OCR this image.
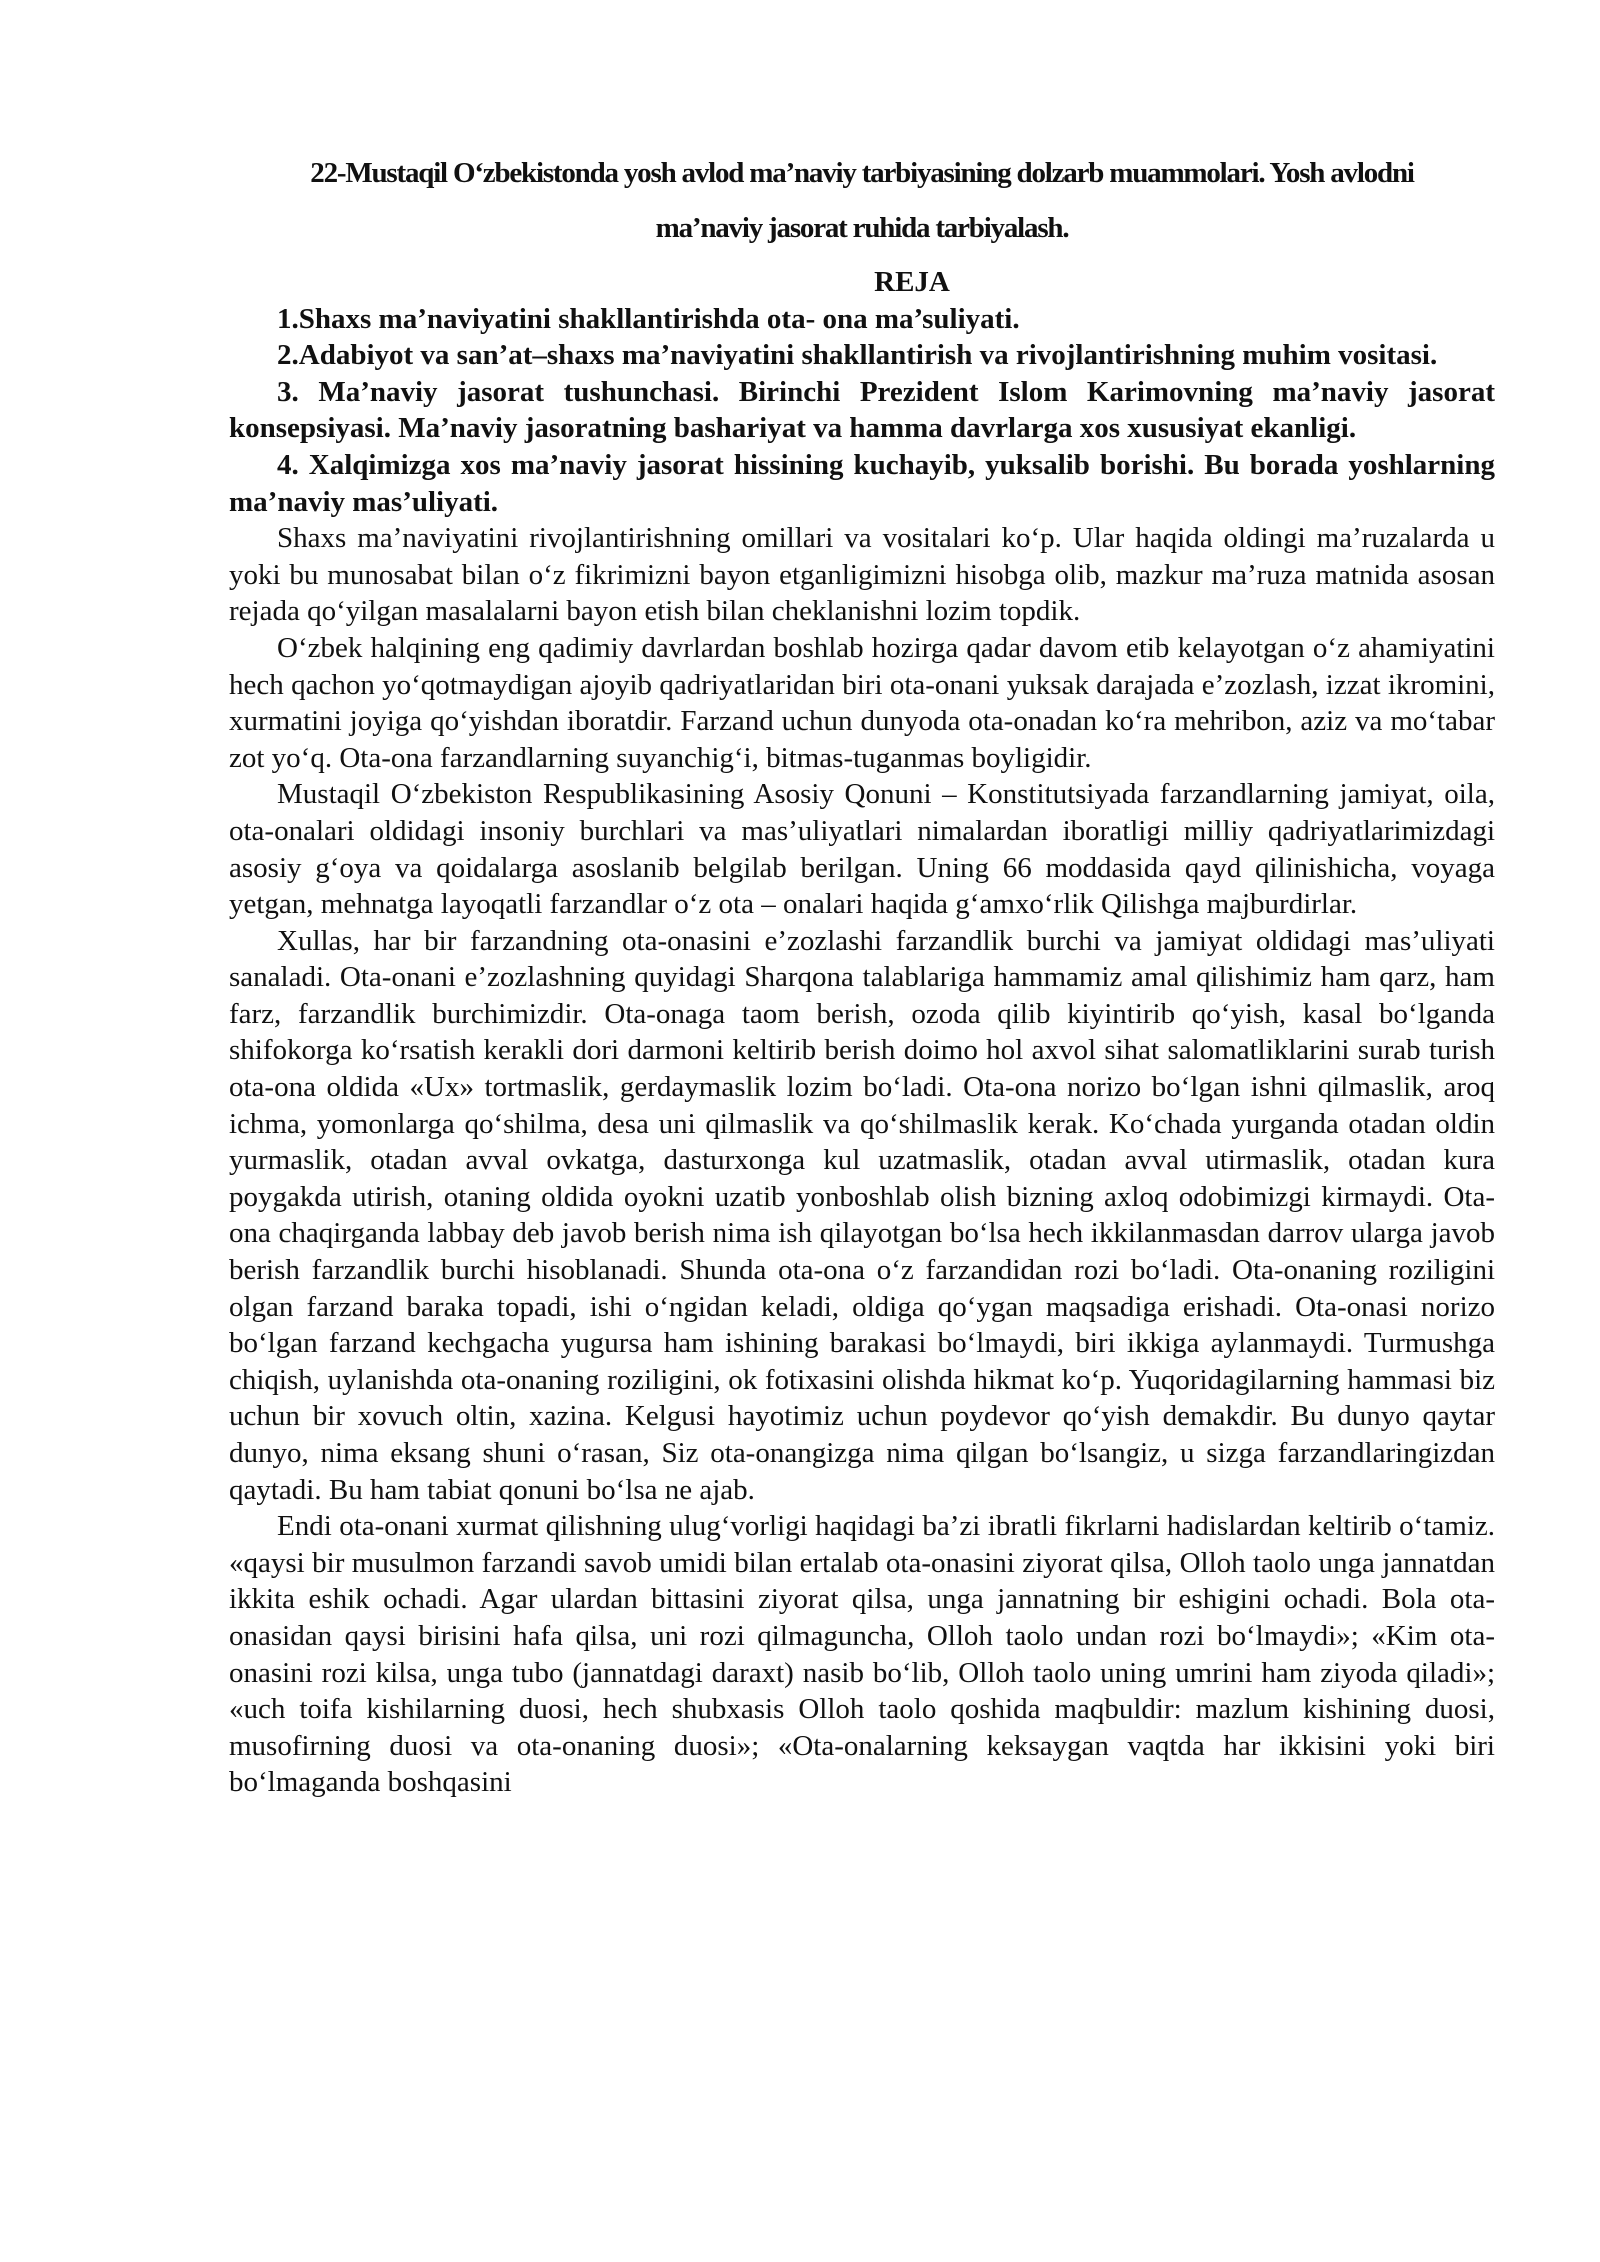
22-Mustaqil O‘zbekistonda yosh avlod ma’naviy tarbiyasining dolzarb muammolari. Yosh avlodni ma’naviy jasorat ruhida tarbiyalash.

REJA

1.Shaxs ma’naviyatini shakllantirishda ota- ona ma’suliyati.
2.Adabiyot va san’at–shaxs ma’naviyatini shakllantirish va rivojlantirishning muhim vositasi.
3. Ma’naviy jasorat tushunchasi. Birinchi Prezident Islom Karimovning ma’naviy jasorat konsepsiyasi. Ma’naviy jasoratning bashariyat va hamma davrlarga xos xususiyat ekanligi.
4. Xalqimizga xos ma’naviy jasorat hissining kuchayib, yuksalib borishi. Bu borada yoshlarning ma’naviy mas’uliyati.

Shaxs ma’naviyatini rivojlantirishning omillari va vositalari ko‘p. Ular haqida oldingi ma’ruzalarda u yoki bu munosabat bilan o‘z fikrimizni bayon etganligimizni hisobga olib, mazkur ma’ruza matnida asosan rejada qo‘yilgan masalalarni bayon etish bilan cheklanishni lozim topdik.

O‘zbek halqining eng qadimiy davrlardan boshlab hozirga qadar davom etib kelayotgan o‘z ahamiyatini hech qachon yo‘qotmaydigan ajoyib qadriyatlaridan biri ota-onani yuksak darajada e’zozlash, izzat ikromini, xurmatini joyiga qo‘yishdan iboratdir. Farzand uchun dunyoda ota-onadan ko‘ra mehribon, aziz va mo‘tabar zot yo‘q. Ota-ona farzandlarning suyanchig‘i, bitmas-tuganmas boyligidir.

Mustaqil O‘zbekiston Respublikasining Asosiy Qonuni – Konstitutsiyada farzandlarning jamiyat, oila, ota-onalari oldidagi insoniy burchlari va mas’uliyatlari nimalardan iboratligi milliy qadriyatlarimizdagi asosiy g‘oya va qoidalarga asoslanib belgilab berilgan. Uning 66 moddasida qayd qilinishicha, voyaga yetgan, mehnatga layoqatli farzandlar o‘z ota – onalari haqida g‘amxo‘rlik Qilishga majburdirlar.

Xullas, har bir farzandning ota-onasini e’zozlashi farzandlik burchi va jamiyat oldidagi mas’uliyati sanaladi. Ota-onani e’zozlashning quyidagi Sharqona talablariga hammamiz amal qilishimiz ham qarz, ham farz, farzandlik burchimizdir. Ota-onaga taom berish, ozoda qilib kiyintirib qo‘yish, kasal bo‘lganda shifokorga ko‘rsatish kerakli dori darmoni keltirib berish doimo hol axvol sihat salomatliklarini surab turish ota-ona oldida «Ux» tortmaslik, gerdaymaslik lozim bo‘ladi. Ota-ona norizo bo‘lgan ishni qilmaslik, aroq ichma, yomonlarga qo‘shilma, desa uni qilmaslik va qo‘shilmaslik kerak. Ko‘chada yurganda otadan oldin yurmaslik, otadan avval ovkatga, dasturxonga kul uzatmaslik, otadan avval utirmaslik, otadan kura poygakda utirish, otaning oldida oyokni uzatib yonboshlab olish bizning axloq odobimizgi kirmaydi. Ota-ona chaqirganda labbay deb javob berish nima ish qilayotgan bo‘lsa hech ikkilanmasdan darrov ularga javob berish farzandlik burchi hisoblanadi. Shunda ota-ona o‘z farzandidan rozi bo‘ladi. Ota-onaning roziligini olgan farzand baraka topadi, ishi o‘ngidan keladi, oldiga qo‘ygan maqsadiga erishadi. Ota-onasi norizo bo‘lgan farzand kechgacha yugursa ham ishining barakasi bo‘lmaydi, biri ikkiga aylanmaydi. Turmushga chiqish, uylanishda ota-onaning roziligini, ok fotixasini olishda hikmat ko‘p. Yuqoridagilarning hammasi biz uchun bir xovuch oltin, xazina. Kelgusi hayotimiz uchun poydevor qo‘yish demakdir. Bu dunyo qaytar dunyo, nima eksang shuni o‘rasan, Siz ota-onangizga nima qilgan bo‘lsangiz, u sizga farzandlaringizdan qaytadi. Bu ham tabiat qonuni bo‘lsa ne ajab.

Endi ota-onani xurmat qilishning ulug‘vorligi haqidagi ba’zi ibratli fikrlarni hadislardan keltirib o‘tamiz. «qaysi bir musulmon farzandi savob umidi bilan ertalab ota-onasini ziyorat qilsa, Olloh taolo unga jannatdan ikkita eshik ochadi. Agar ulardan bittasini ziyorat qilsa, unga jannatning bir eshigini ochadi. Bola ota-onasidan qaysi birisini hafa qilsa, uni rozi qilmaguncha, Olloh taolo undan rozi bo‘lmaydi»; «Kim ota-onasini rozi kilsa, unga tubo (jannatdagi daraxt) nasib bo‘lib, Olloh taolo uning umrini ham ziyoda qiladi»; «uch toifa kishilarning duosi, hech shubxasis Olloh taolo qoshida maqbuldir: mazlum kishining duosi, musofirning duosi va ota-onaning duosi»; «Ota-onalarning keksaygan vaqtda har ikkisini yoki biri bo‘lmaganda boshqasini
